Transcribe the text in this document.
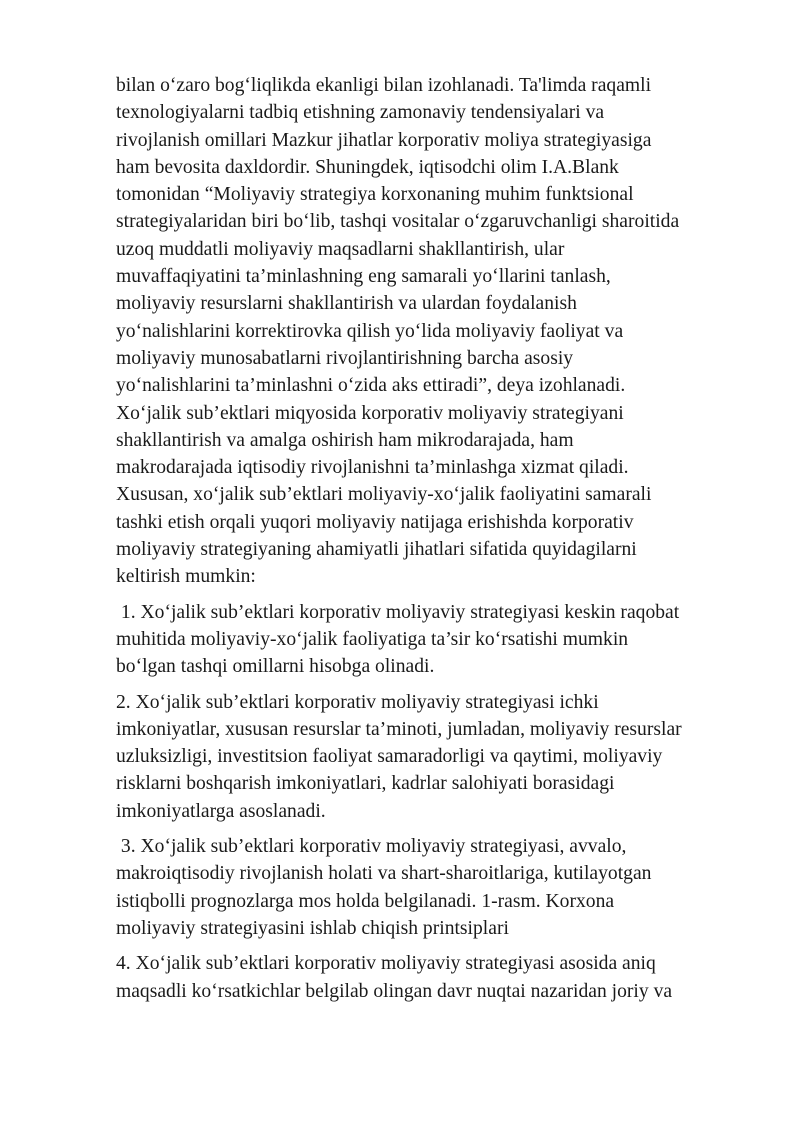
bilan o‘zaro bog‘liqlikda ekanligi bilan izohlanadi. Ta'limda raqamli
texnologiyalarni tadbiq etishning zamonaviy tendensiyalari va
rivojlanish omillari Mazkur jihatlar korporativ moliya strategiyasiga
ham bevosita daxldordir. Shuningdek, iqtisodchi olim I.A.Blank
tomonidan “Moliyaviy strategiya korxonaning muhim funktsional
strategiyalaridan biri bo‘lib, tashqi vositalar o‘zgaruvchanligi sharoitida
uzoq muddatli moliyaviy maqsadlarni shakllantirish, ular
muvaffaqiyatini ta’minlashning eng samarali yo‘llarini tanlash,
moliyaviy resurslarni shakllantirish va ulardan foydalanish
yo‘nalishlarini korrektirovka qilish yo‘lida moliyaviy faoliyat va
moliyaviy munosabatlarni rivojlantirishning barcha asosiy
yo‘nalishlarini ta’minlashni o‘zida aks ettiradi”, deya izohlanadi.
Xo‘jalik sub’ektlari miqyosida korporativ moliyaviy strategiyani
shakllantirish va amalga oshirish ham mikrodarajada, ham
makrodarajada iqtisodiy rivojlanishni ta’minlashga xizmat qiladi.
Xususan, xo‘jalik sub’ektlari moliyaviy-xo‘jalik faoliyatini samarali
tashki etish orqali yuqori moliyaviy natijaga erishishda korporativ
moliyaviy strategiyaning ahamiyatli jihatlari sifatida quyidagilarni
keltirish mumkin:

1. Xo‘jalik sub’ektlari korporativ moliyaviy strategiyasi keskin raqobat
muhitida moliyaviy-xo‘jalik faoliyatiga ta’sir ko‘rsatishi mumkin
bo‘lgan tashqi omillarni hisobga olinadi.

2. Xo‘jalik sub’ektlari korporativ moliyaviy strategiyasi ichki
imkoniyatlar, xususan resurslar ta’minoti, jumladan, moliyaviy resurslar
uzluksizligi, investitsion faoliyat samaradorligi va qaytimi, moliyaviy
risklarni boshqarish imkoniyatlari, kadrlar salohiyati borasidagi
imkoniyatlarga asoslanadi.

3. Xo‘jalik sub’ektlari korporativ moliyaviy strategiyasi, avvalo,
makroiqtisodiy rivojlanish holati va shart-sharoitlariga, kutilayotgan
istiqbolli prognozlarga mos holda belgilanadi. 1-rasm. Korxona
moliyaviy strategiyasini ishlab chiqish printsiplari

4. Xo‘jalik sub’ektlari korporativ moliyaviy strategiyasi asosida aniq
maqsadli ko‘rsatkichlar belgilab olingan davr nuqtai nazaridan joriy va
